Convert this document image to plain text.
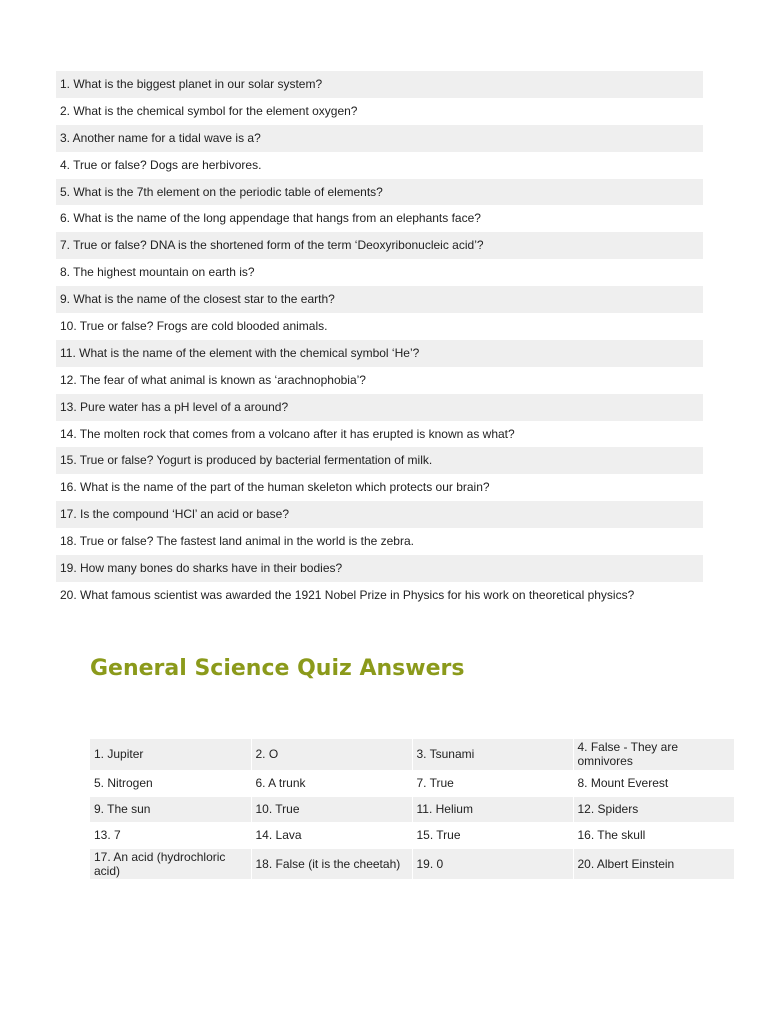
1. What is the biggest planet in our solar system?
2. What is the chemical symbol for the element oxygen?
3. Another name for a tidal wave is a?
4. True or false? Dogs are herbivores.
5. What is the 7th element on the periodic table of elements?
6. What is the name of the long appendage that hangs from an elephants face?
7. True or false? DNA is the shortened form of the term ‘Deoxyribonucleic acid’?
8. The highest mountain on earth is?
9. What is the name of the closest star to the earth?
10. True or false? Frogs are cold blooded animals.
11. What is the name of the element with the chemical symbol ‘He’?
12. The fear of what animal is known as ‘arachnophobia’?
13. Pure water has a pH level of a around?
14. The molten rock that comes from a volcano after it has erupted is known as what?
15. True or false? Yogurt is produced by bacterial fermentation of milk.
16. What is the name of the part of the human skeleton which protects our brain?
17. Is the compound ‘HCl’ an acid or base?
18. True or false? The fastest land animal in the world is the zebra.
19. How many bones do sharks have in their bodies?
20. What famous scientist was awarded the 1921 Nobel Prize in Physics for his work on theoretical physics?
General Science Quiz Answers
1. Jupiter	2. O	3. Tsunami	4. False - They are omnivores
5. Nitrogen	6. A trunk	7. True	8. Mount Everest
9. The sun	10. True	11. Helium	12. Spiders
13. 7	14. Lava	15. True	16. The skull
17. An acid (hydrochloric acid)	18. False (it is the cheetah)	19. 0	20. Albert Einstein
